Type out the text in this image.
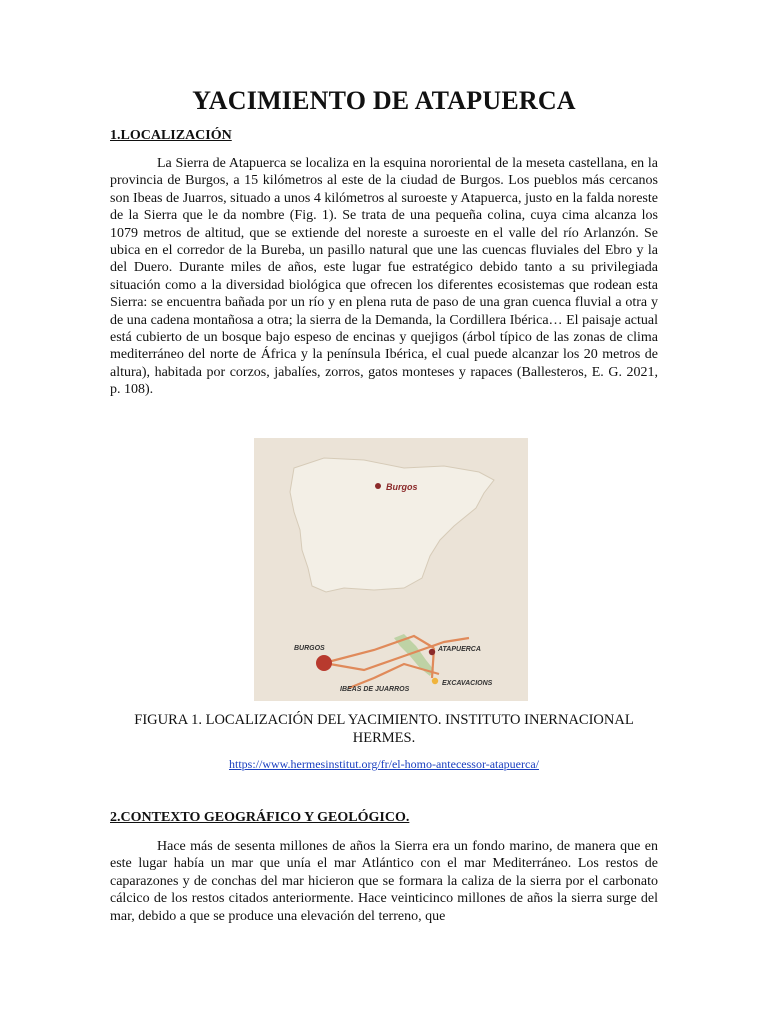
YACIMIENTO DE ATAPUERCA
1.LOCALIZACIÓN
La Sierra de Atapuerca se localiza en la esquina nororiental de la meseta castellana, en la provincia de Burgos, a 15 kilómetros al este de la ciudad de Burgos. Los pueblos más cercanos son Ibeas de Juarros, situado a unos 4 kilómetros al suroeste y Atapuerca, justo en la falda noreste de la Sierra que le da nombre (Fig. 1). Se trata de una pequeña colina, cuya cima alcanza los 1079 metros de altitud, que se extiende del noreste a suroeste en el valle del río Arlanzón. Se ubica en el corredor de la Bureba, un pasillo natural que une las cuencas fluviales del Ebro y la del Duero. Durante miles de años, este lugar fue estratégico debido tanto a su privilegiada situación como a la diversidad biológica que ofrecen los diferentes ecosistemas que rodean esta Sierra: se encuentra bañada por un río y en plena ruta de paso de una gran cuenca fluvial a otra y de una cadena montañosa a otra; la sierra de la Demanda, la Cordillera Ibérica… El paisaje actual está cubierto de un bosque bajo espeso de encinas y quejigos (árbol típico de las zonas de clima mediterráneo del norte de África y la península Ibérica, el cual puede alcanzar los 20 metros de altura), habitada por corzos, jabalíes, zorros, gatos monteses y rapaces (Ballesteros, E. G. 2021, p. 108).
Burgos
BURGOS	ATAPUERCA
IBEAS DE JUARROS
EXCAVACIONS
FIGURA 1. LOCALIZACIÓN DEL YACIMIENTO. INSTITUTO INERNACIONAL HERMES.
https://www.hermesinstitut.org/fr/el-homo-antecessor-atapuerca/
2.CONTEXTO GEOGRÁFICO Y GEOLÓGICO.
Hace más de sesenta millones de años la Sierra era un fondo marino, de manera que en este lugar había un mar que unía el mar Atlántico con el mar Mediterráneo. Los restos de caparazones y de conchas del mar hicieron que se formara la caliza de la sierra por el carbonato cálcico de los restos citados anteriormente. Hace veinticinco millones de años la sierra surge del mar, debido a que se produce una elevación del terreno, que
